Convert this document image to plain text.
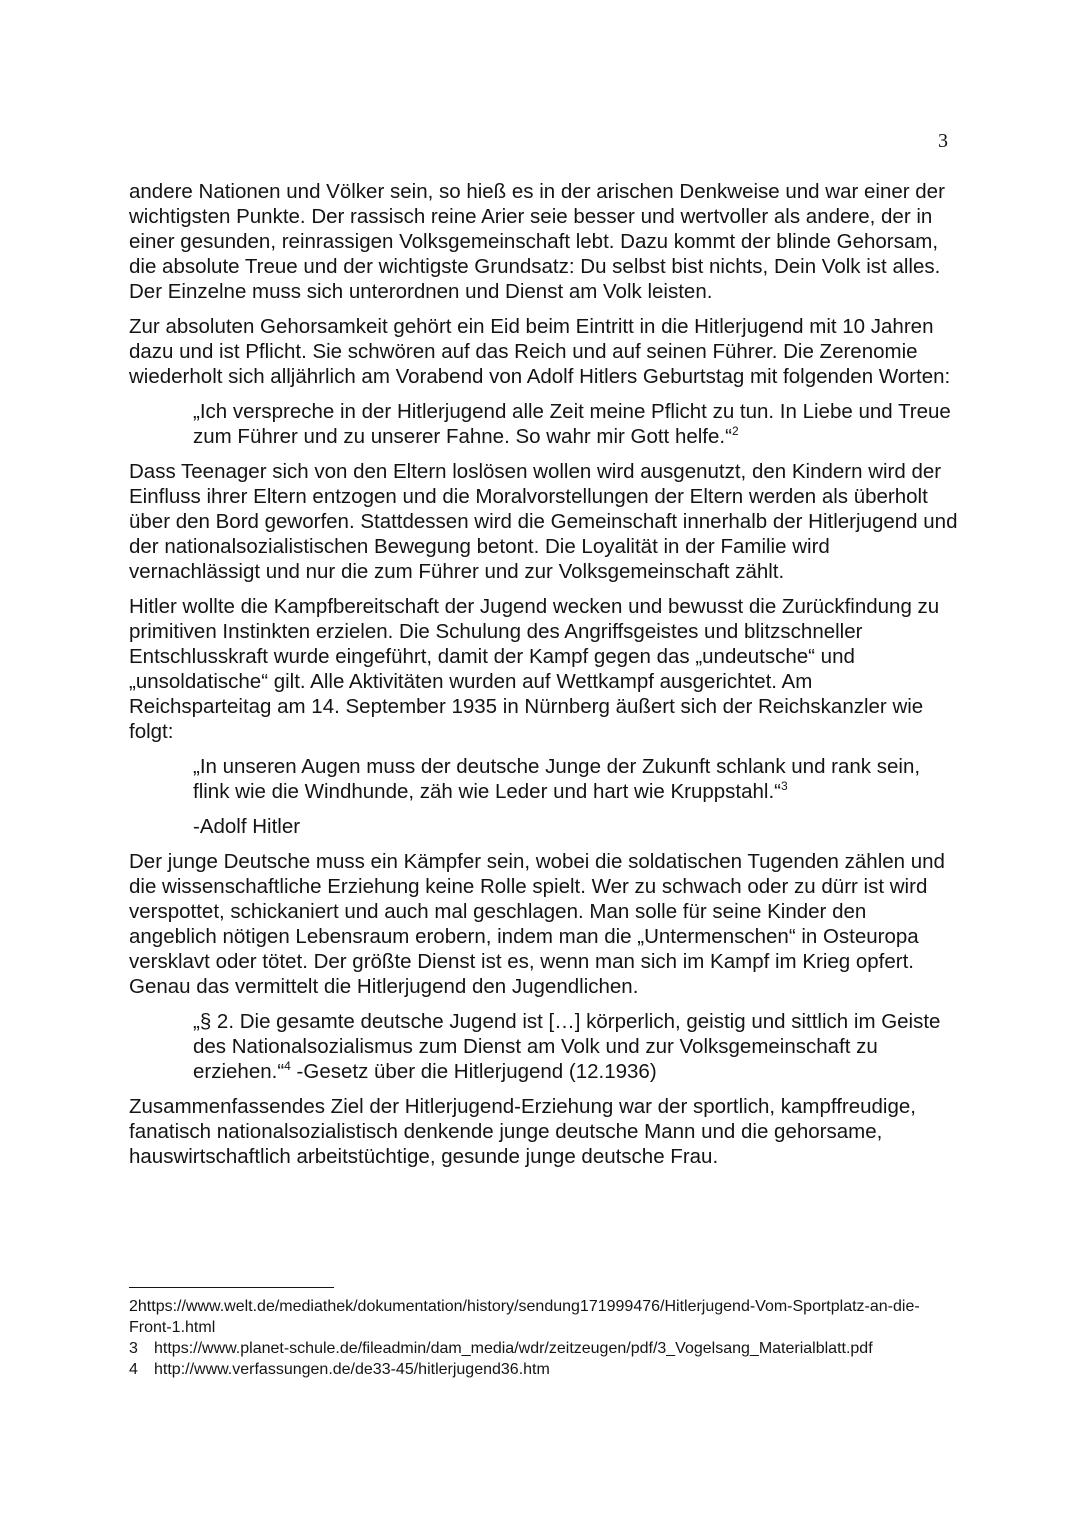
3

andere Nationen und Völker sein, so hieß es in der arischen Denkweise und war einer der wichtigsten Punkte. Der rassisch reine Arier seie besser und wertvoller als andere, der in einer gesunden, reinrassigen Volksgemeinschaft lebt. Dazu kommt der blinde Gehorsam, die absolute Treue und der wichtigste Grundsatz: Du selbst bist nichts, Dein Volk ist alles. Der Einzelne muss sich unterordnen und Dienst am Volk leisten.

Zur absoluten Gehorsamkeit gehört ein Eid beim Eintritt in die Hitlerjugend mit 10 Jahren dazu und ist Pflicht. Sie schwören auf das Reich und auf seinen Führer. Die Zerenomie wiederholt sich alljährlich am Vorabend von Adolf Hitlers Geburtstag mit folgenden Worten:

„Ich verspreche in der Hitlerjugend alle Zeit meine Pflicht zu tun. In Liebe und Treue zum Führer und zu unserer Fahne. So wahr mir Gott helfe.“$^2$

Dass Teenager sich von den Eltern loslösen wollen wird ausgenutzt, den Kindern wird der Einfluss ihrer Eltern entzogen und die Moralvorstellungen der Eltern werden als überholt über den Bord geworfen. Stattdessen wird die Gemeinschaft innerhalb der Hitlerjugend und der nationalsozialistischen Bewegung betont. Die Loyalität in der Familie wird vernachlässigt und nur die zum Führer und zur Volksgemeinschaft zählt.

Hitler wollte die Kampfbereitschaft der Jugend wecken und bewusst die Zurückfindung zu primitiven Instinkten erzielen. Die Schulung des Angriffsgeistes und blitzschneller Entschlusskraft wurde eingeführt, damit der Kampf gegen das „undeutsche“ und „unsoldatische“ gilt. Alle Aktivitäten wurden auf Wettkampf ausgerichtet. Am Reichsparteitag am 14. September 1935 in Nürnberg äußert sich der Reichskanzler wie folgt:

„In unseren Augen muss der deutsche Junge der Zukunft schlank und rank sein, flink wie die Windhunde, zäh wie Leder und hart wie Kruppstahl.“$^3$

-Adolf Hitler

Der junge Deutsche muss ein Kämpfer sein, wobei die soldatischen Tugenden zählen und die wissenschaftliche Erziehung keine Rolle spielt. Wer zu schwach oder zu dürr ist wird verspottet, schickaniert und auch mal geschlagen. Man solle für seine Kinder den angeblich nötigen Lebensraum erobern, indem man die „Untermenschen“ in Osteuropa versklavt oder tötet. Der größte Dienst ist es, wenn man sich im Kampf im Krieg opfert. Genau das vermittelt die Hitlerjugend den Jugendlichen.

„§ 2. Die gesamte deutsche Jugend ist […] körperlich, geistig und sittlich im Geiste des Nationalsozialismus zum Dienst am Volk und zur Volksgemeinschaft zu erziehen.“$^4$ -Gesetz über die Hitlerjugend (12.1936)

Zusammenfassendes Ziel der Hitlerjugend-Erziehung war der sportlich, kampffreudige, fanatisch nationalsozialistisch denkende junge deutsche Mann und die gehorsame, hauswirtschaftlich arbeitstüchtige, gesunde junge deutsche Frau.

2https://www.welt.de/mediathek/dokumentation/history/sendung171999476/Hitlerjugend-Vom-Sportplatz-an-die-Front-1.html
3	https://www.planet-schule.de/fileadmin/dam_media/wdr/zeitzeugen/pdf/3_Vogelsang_Materialblatt.pdf
4	http://www.verfassungen.de/de33-45/hitlerjugend36.htm
